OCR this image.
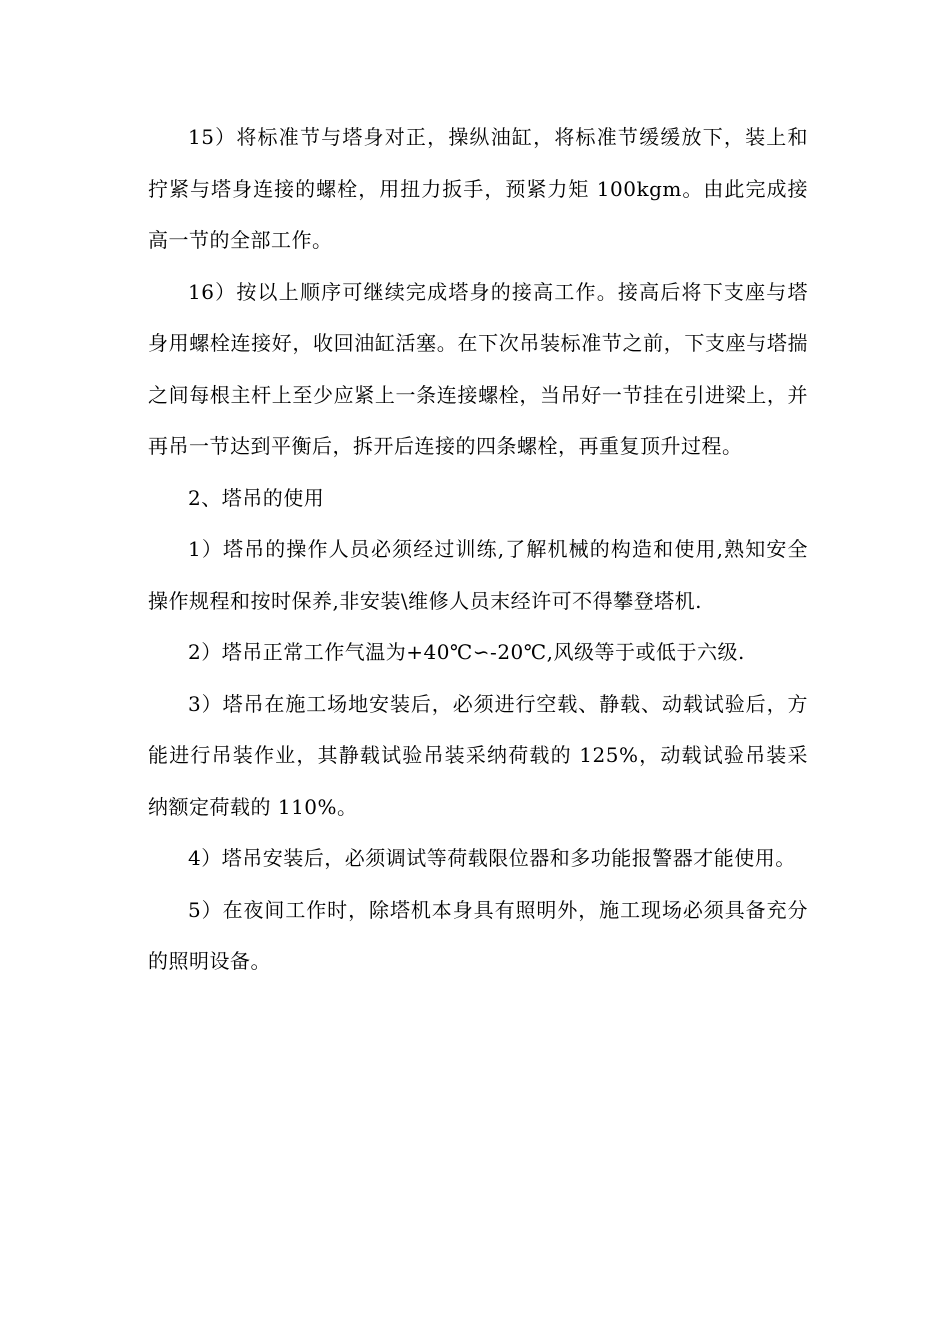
15）将标准节与塔身对正，操纵油缸，将标准节缓缓放下，装上和拧紧与塔身连接的螺栓，用扭力扳手，预紧力矩 100kgm。由此完成接高一节的全部工作。

16）按以上顺序可继续完成塔身的接高工作。接高后将下支座与塔身用螺栓连接好，收回油缸活塞。在下次吊装标准节之前，下支座与塔揣之间每根主杆上至少应紧上一条连接螺栓，当吊好一节挂在引进梁上，并再吊一节达到平衡后，拆开后连接的四条螺栓，再重复顶升过程。

2、塔吊的使用

1）塔吊的操作人员必须经过训练,了解机械的构造和使用,熟知安全操作规程和按时保养,非安装\维修人员末经许可不得攀登塔机.

2）塔吊正常工作气温为+40℃∽-20℃,风级等于或低于六级.

3）塔吊在施工场地安装后，必须进行空载、静载、动载试验后，方能进行吊装作业，其静载试验吊装采纳荷载的 125%，动载试验吊装采纳额定荷载的 110%。

4）塔吊安装后，必须调试等荷载限位器和多功能报警器才能使用。

5）在夜间工作时，除塔机本身具有照明外，施工现场必须具备充分的照明设备。
